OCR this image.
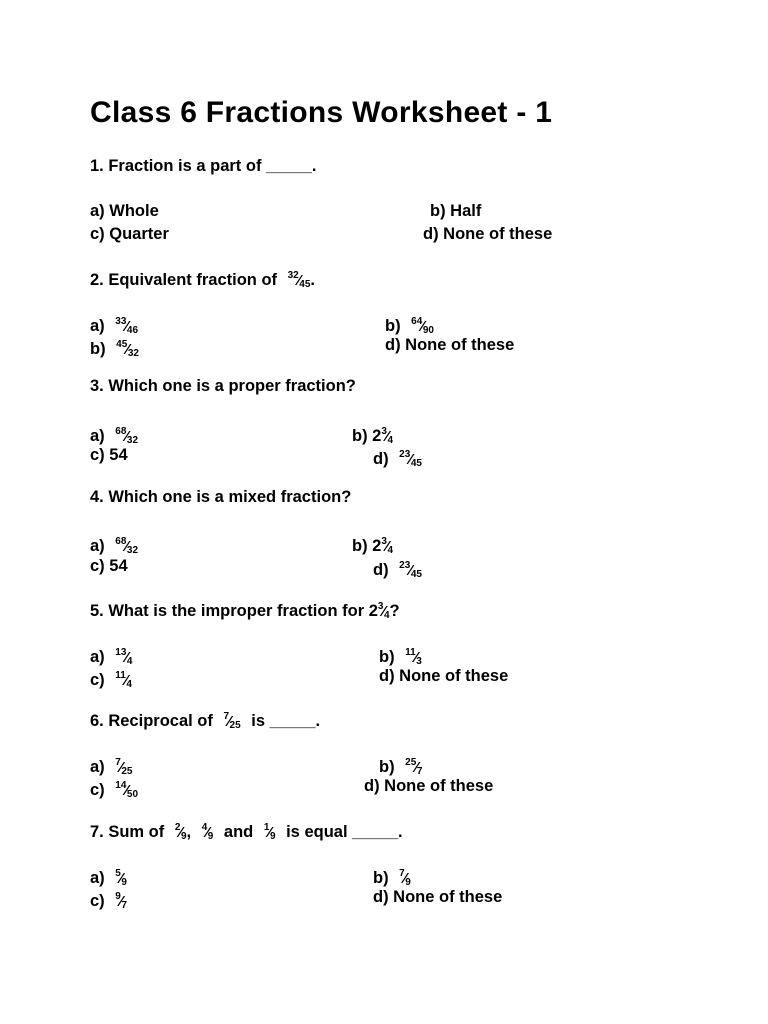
Class 6 Fractions Worksheet - 1
1. Fraction is a part of _____.
a) Whole	b) Half
c) Quarter	d) None of these
2. Equivalent fraction of $^{32}$⁄45.
a) $^{33}$⁄46	b) $^{64}$⁄90
b) $^{45}$⁄32	d) None of these
3. Which one is a proper fraction?
a) $^{68}$⁄32	b) $2^3⁄4$
c) 54	d) $^{23}$⁄45
4. Which one is a mixed fraction?
a) $^{68}$⁄32	b) $2^3⁄4$
c) 54	d) $^{23}$⁄45
5. What is the improper fraction for $2^3⁄4$?
a) $^{13}$⁄4	b) $^{11}$⁄3
c) $^{11}$⁄4	d) None of these
6. Reciprocal of $^7$⁄25 is _____.
a) $^7$⁄25	b) $^{25}$⁄7
c) $^{14}$⁄50	d) None of these
7. Sum of $^2$⁄9, $^4$⁄9 and $^1$⁄9 is equal _____.
a) $^5$⁄9	b) $^7$⁄9
c) $^9$⁄7	d) None of these
